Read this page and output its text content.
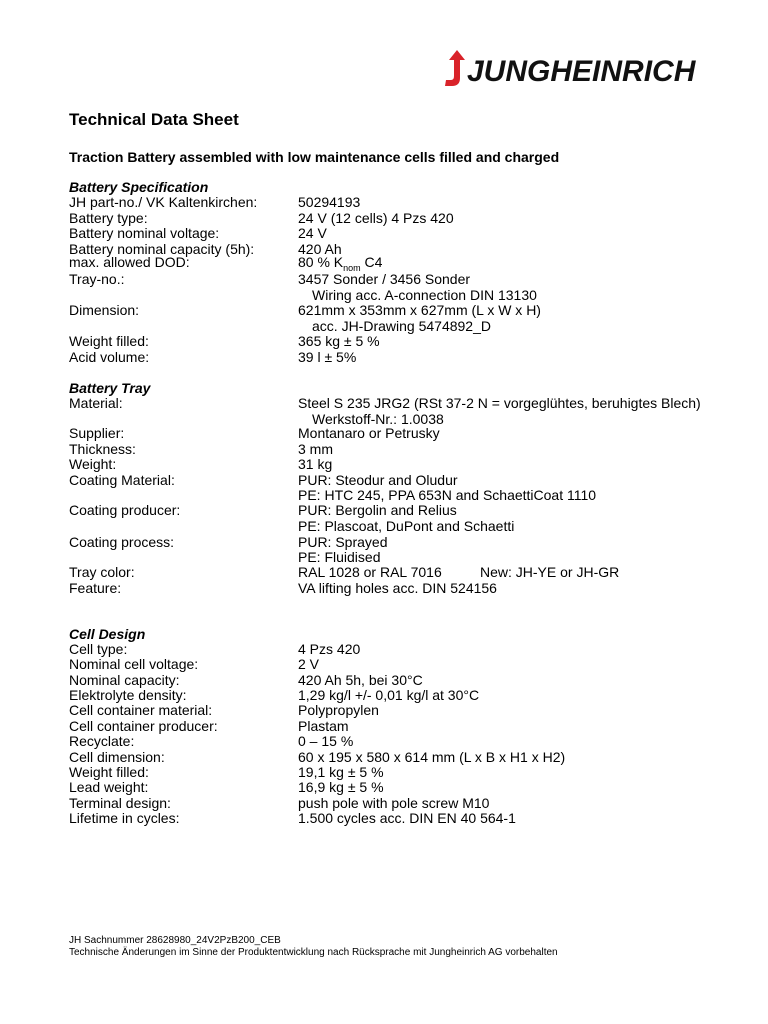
JUNGHEINRICH
Technical Data Sheet
Traction Battery assembled with low maintenance cells filled and charged
Battery Specification
JH part-no./ VK Kaltenkirchen:	50294193
Battery type:	24 V (12 cells) 4 Pzs 420
Battery nominal voltage:	24 V
Battery nominal capacity (5h):	420 Ah
max. allowed DOD:	80 % $K_{nom}$ C4
Tray-no.:	3457 Sonder / 3456 Sonder
Wiring acc. A-connection DIN 13130
Dimension:	621mm x 353mm x 627mm (L x W x H)
acc. JH-Drawing 5474892_D
Weight filled:	365 kg ± 5 %
Acid volume:	39 l ± 5%
Battery Tray
Material:	Steel S 235 JRG2 (RSt 37-2 N = vorgeglühtes, beruhigtes Blech)
Werkstoff-Nr.: 1.0038
Supplier:	Montanaro or Petrusky
Thickness:	3 mm
Weight:	31 kg
Coating Material:	PUR: Steodur and Oludur
PE: HTC 245, PPA 653N and SchaettiCoat 1110
Coating producer:	PUR: Bergolin and Relius
PE: Plascoat, DuPont and Schaetti
Coating process:	PUR: Sprayed
PE: Fluidised
Tray color:	RAL 1028 or RAL 7016	New: JH-YE or JH-GR
Feature:	VA lifting holes acc. DIN 524156
Cell Design
Cell type:	4 Pzs 420
Nominal cell voltage:	2 V
Nominal capacity:	420 Ah 5h, bei 30°C
Elektrolyte density:	1,29 kg/l +/- 0,01 kg/l at 30°C
Cell container material:	Polypropylen
Cell container producer:	Plastam
Recyclate:	0 – 15 %
Cell dimension:	60 x 195 x 580 x 614 mm (L x B x H1 x H2)
Weight filled:	19,1 kg ± 5 %
Lead weight:	16,9 kg ± 5 %
Terminal design:	push pole with pole screw M10
Lifetime in cycles:	1.500 cycles acc. DIN EN 40 564-1
JH Sachnummer 28628980_24V2PzB200_CEB
Technische Änderungen im Sinne der Produktentwicklung nach Rücksprache mit Jungheinrich AG vorbehalten
